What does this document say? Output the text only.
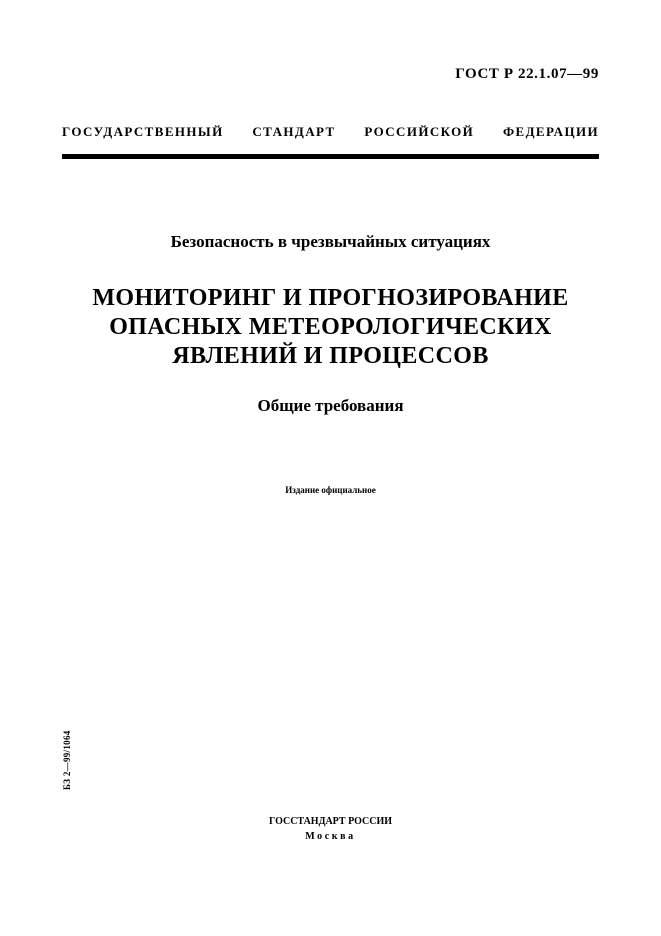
ГОСТ Р 22.1.07—99
ГОСУДАРСТВЕННЫЙ СТАНДАРТ РОССИЙСКОЙ ФЕДЕРАЦИИ
Безопасность в чрезвычайных ситуациях
МОНИТОРИНГ И ПРОГНОЗИРОВАНИЕ
ОПАСНЫХ МЕТЕОРОЛОГИЧЕСКИХ
ЯВЛЕНИЙ И ПРОЦЕССОВ
Общие требования
Издание официальное
БЗ 2—99/1064
ГОССТАНДАРТ РОССИИ
Москва
